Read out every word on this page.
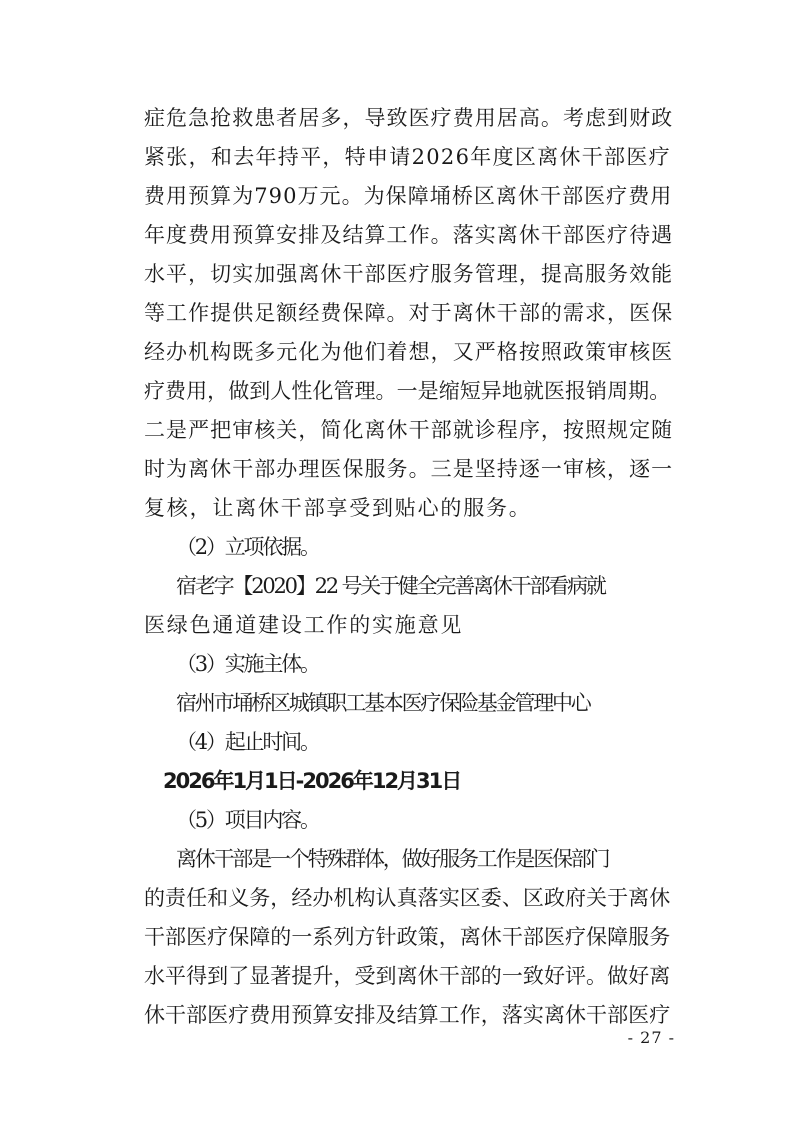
症危急抢救患者居多，导致医疗费用居高。考虑到财政
紧张，和去年持平，特申请2026年度区离休干部医疗
费用预算为790万元。为保障埇桥区离休干部医疗费用
年度费用预算安排及结算工作。落实离休干部医疗待遇
水平，切实加强离休干部医疗服务管理，提高服务效能
等工作提供足额经费保障。对于离休干部的需求，医保
经办机构既多元化为他们着想，又严格按照政策审核医
疗费用，做到人性化管理。一是缩短异地就医报销周期。
二是严把审核关，简化离休干部就诊程序，按照规定随
时为离休干部办理医保服务。三是坚持逐一审核，逐一
复核，让离休干部享受到贴心的服务。
（2）立项依据。
宿老字【2020】22 号关于健全完善离休干部看病就
医绿色通道建设工作的实施意见
（3）实施主体。
宿州市埇桥区城镇职工基本医疗保险基金管理中心
（4）起止时间。
2026年1月1日-2026年12月31日
（5）项目内容。
离休干部是一个特殊群体，做好服务工作是医保部门
的责任和义务，经办机构认真落实区委、区政府关于离休
干部医疗保障的一系列方针政策，离休干部医疗保障服务
水平得到了显著提升，受到离休干部的一致好评。做好离
休干部医疗费用预算安排及结算工作，落实离休干部医疗
- 27 -
